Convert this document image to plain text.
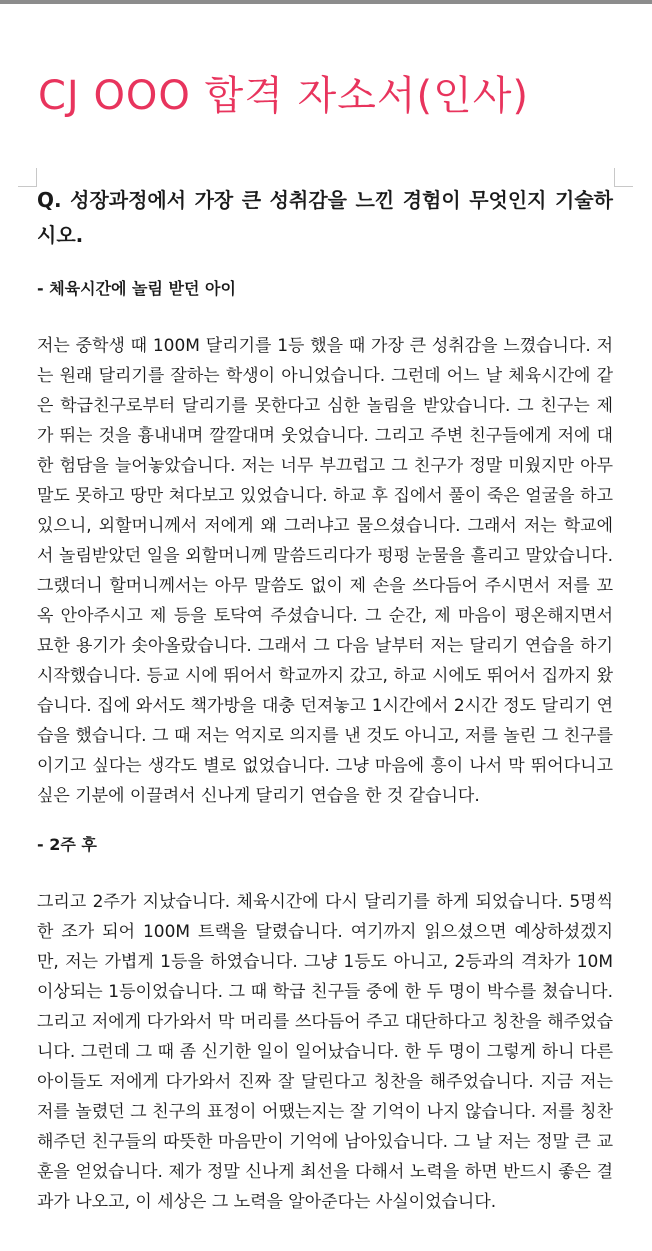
CJ OOO 합격 자소서(인사)

Q. 성장과정에서 가장 큰 성취감을 느낀 경험이 무엇인지 기술하시오.

- 체육시간에 놀림 받던 아이

저는 중학생 때 100M 달리기를 1등 했을 때 가장 큰 성취감을 느꼈습니다. 저는 원래 달리기를 잘하는 학생이 아니었습니다. 그런데 어느 날 체육시간에 같은 학급친구로부터 달리기를 못한다고 심한 놀림을 받았습니다. 그 친구는 제가 뛰는 것을 흉내내며 깔깔대며 웃었습니다. 그리고 주변 친구들에게 저에 대한 험담을 늘어놓았습니다. 저는 너무 부끄럽고 그 친구가 정말 미웠지만 아무 말도 못하고 땅만 쳐다보고 있었습니다. 하교 후 집에서 풀이 죽은 얼굴을 하고 있으니, 외할머니께서 저에게 왜 그러냐고 물으셨습니다. 그래서 저는 학교에서 놀림받았던 일을 외할머니께 말씀드리다가 펑펑 눈물을 흘리고 말았습니다. 그랬더니 할머니께서는 아무 말씀도 없이 제 손을 쓰다듬어 주시면서 저를 꼬옥 안아주시고 제 등을 토닥여 주셨습니다. 그 순간, 제 마음이 평온해지면서 묘한 용기가 솟아올랐습니다. 그래서 그 다음 날부터 저는 달리기 연습을 하기 시작했습니다. 등교 시에 뛰어서 학교까지 갔고, 하교 시에도 뛰어서 집까지 왔습니다. 집에 와서도 책가방을 대충 던져놓고 1시간에서 2시간 정도 달리기 연습을 했습니다. 그 때 저는 억지로 의지를 낸 것도 아니고, 저를 놀린 그 친구를 이기고 싶다는 생각도 별로 없었습니다. 그냥 마음에 흥이 나서 막 뛰어다니고 싶은 기분에 이끌려서 신나게 달리기 연습을 한 것 같습니다.

- 2주 후

그리고 2주가 지났습니다. 체육시간에 다시 달리기를 하게 되었습니다. 5명씩 한 조가 되어 100M 트랙을 달렸습니다. 여기까지 읽으셨으면 예상하셨겠지만, 저는 가볍게 1등을 하였습니다. 그냥 1등도 아니고, 2등과의 격차가 10M 이상되는 1등이었습니다. 그 때 학급 친구들 중에 한 두 명이 박수를 쳤습니다. 그리고 저에게 다가와서 막 머리를 쓰다듬어 주고 대단하다고 칭찬을 해주었습니다. 그런데 그 때 좀 신기한 일이 일어났습니다. 한 두 명이 그렇게 하니 다른 아이들도 저에게 다가와서 진짜 잘 달린다고 칭찬을 해주었습니다. 지금 저는 저를 놀렸던 그 친구의 표정이 어땠는지는 잘 기억이 나지 않습니다. 저를 칭찬해주던 친구들의 따뜻한 마음만이 기억에 남아있습니다. 그 날 저는 정말 큰 교훈을 얻었습니다. 제가 정말 신나게 최선을 다해서 노력을 하면 반드시 좋은 결과가 나오고, 이 세상은 그 노력을 알아준다는 사실이었습니다.
